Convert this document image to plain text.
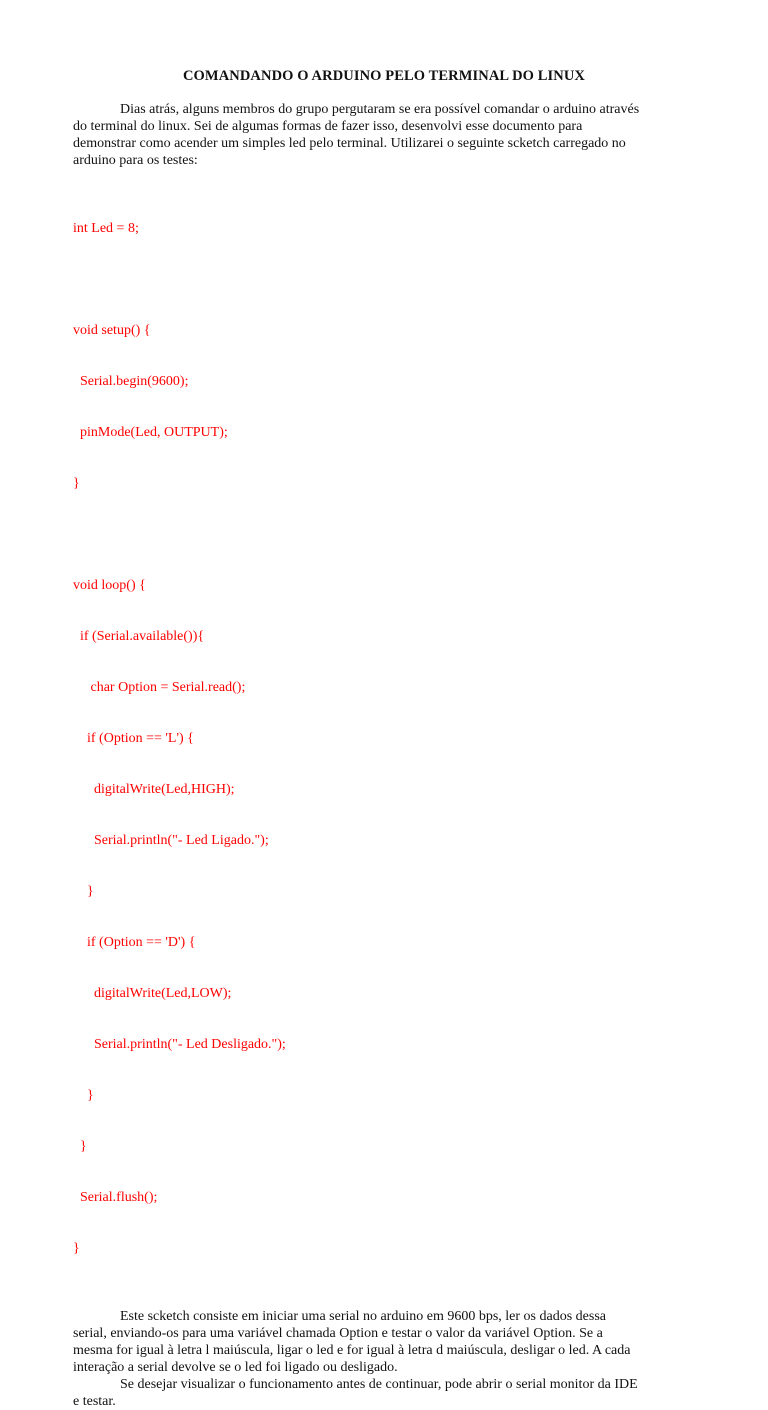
COMANDANDO O ARDUINO PELO TERMINAL DO LINUX

Dias atrás, alguns membros do grupo pergutaram se era possível comandar o arduino através
do terminal do linux. Sei de algumas formas de fazer isso, desenvolvi esse documento para
demonstrar como acender um simples led pelo terminal. Utilizarei o seguinte scketch carregado no
arduino para os testes:

int Led = 8;

void setup() {

Serial.begin(9600);

pinMode(Led, OUTPUT);

}

void loop() {

if (Serial.available()){

char Option = Serial.read();

if (Option == 'L') {

digitalWrite(Led,HIGH);

Serial.println("- Led Ligado.");

}

if (Option == 'D') {

digitalWrite(Led,LOW);

Serial.println("- Led Desligado.");

}

}

Serial.flush();

}

Este scketch consiste em iniciar uma serial no arduino em 9600 bps, ler os dados dessa
serial, enviando-os para uma variável chamada Option e testar o valor da variável Option. Se a
mesma for igual à letra l maiúscula, ligar o led e for igual à letra d maiúscula, desligar o led. A cada
interação a serial devolve se o led foi ligado ou desligado.

Se desejar visualizar o funcionamento antes de continuar, pode abrir o serial monitor da IDE
e testar.
